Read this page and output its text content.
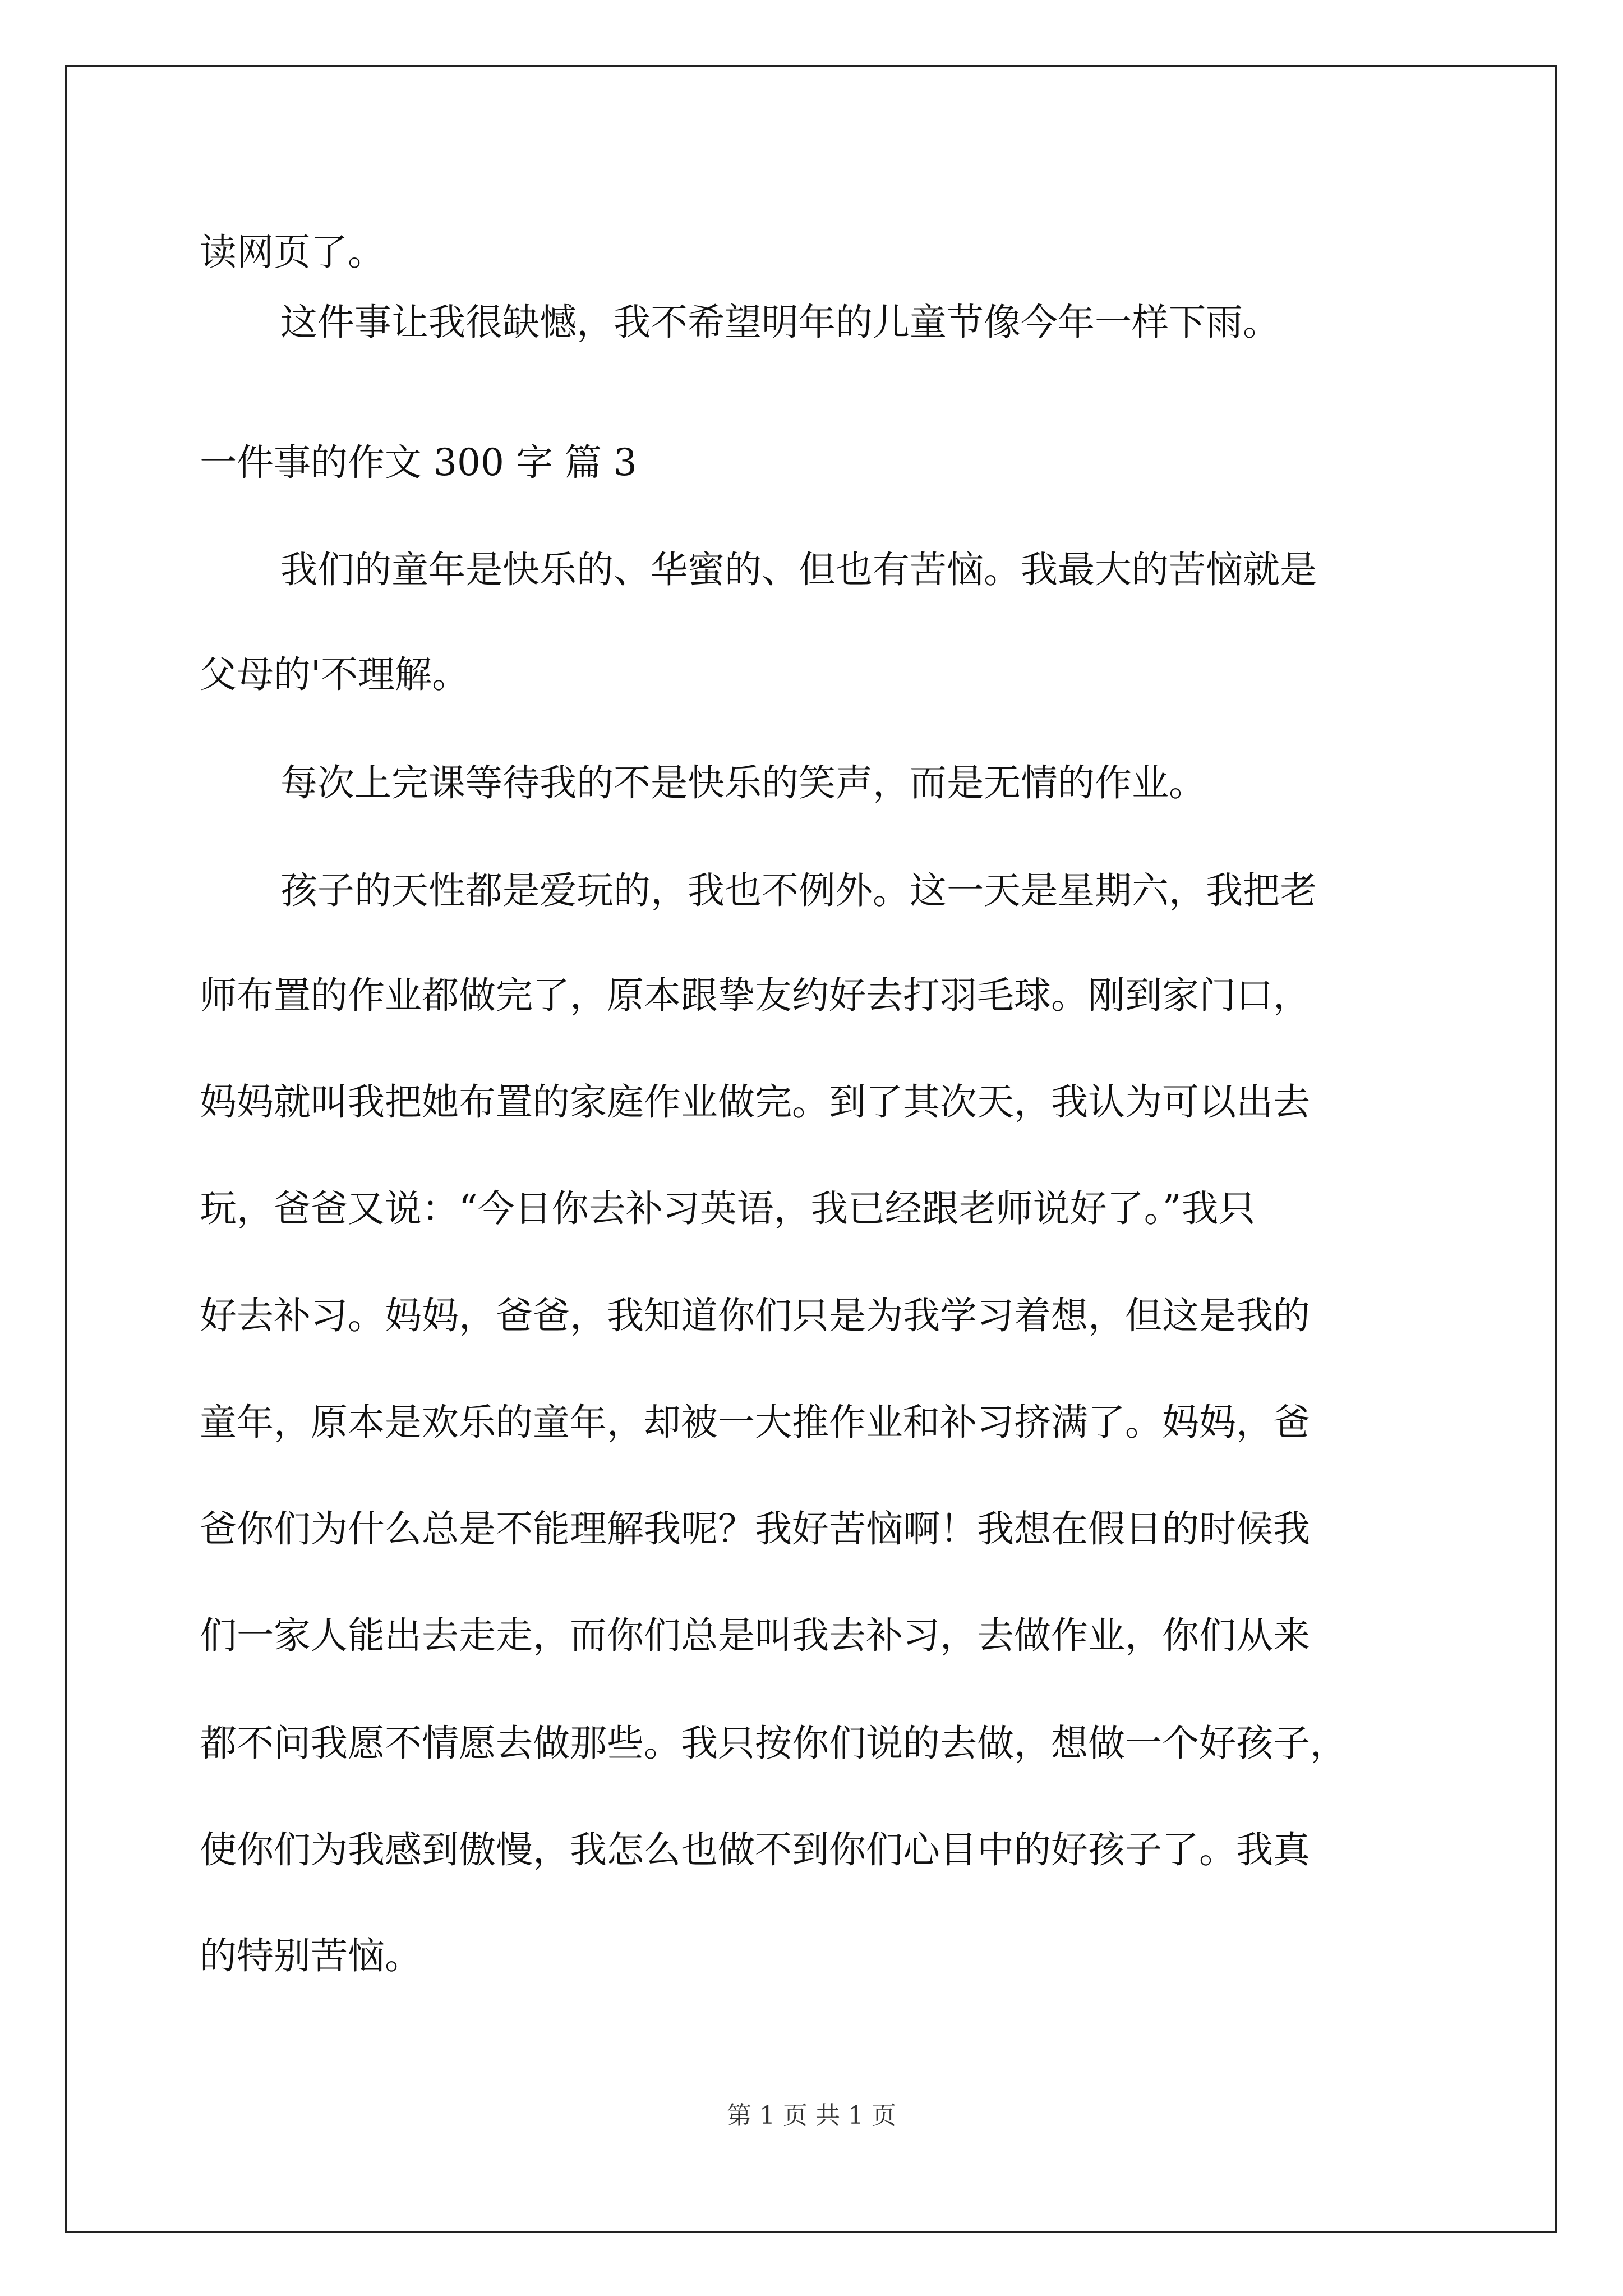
读网页了。
这件事让我很缺憾，我不希望明年的儿童节像今年一样下雨。
一件事的作文 300 字 篇 3
我们的童年是快乐的、华蜜的、但也有苦恼。我最大的苦恼就是
父母的'不理解。
每次上完课等待我的不是快乐的笑声，而是无情的作业。
孩子的天性都是爱玩的，我也不例外。这一天是星期六，我把老
师布置的作业都做完了，原本跟挚友约好去打羽毛球。刚到家门口，
妈妈就叫我把她布置的家庭作业做完。到了其次天，我认为可以出去
玩，爸爸又说：“今日你去补习英语，我已经跟老师说好了。”我只
好去补习。妈妈，爸爸，我知道你们只是为我学习着想，但这是我的
童年，原本是欢乐的童年，却被一大推作业和补习挤满了。妈妈，爸
爸你们为什么总是不能理解我呢？我好苦恼啊！我想在假日的时候我
们一家人能出去走走，而你们总是叫我去补习，去做作业，你们从来
都不问我愿不情愿去做那些。我只按你们说的去做，想做一个好孩子，
使你们为我感到傲慢，我怎么也做不到你们心目中的好孩子了。我真
的特别苦恼。
第 1 页 共 1 页
